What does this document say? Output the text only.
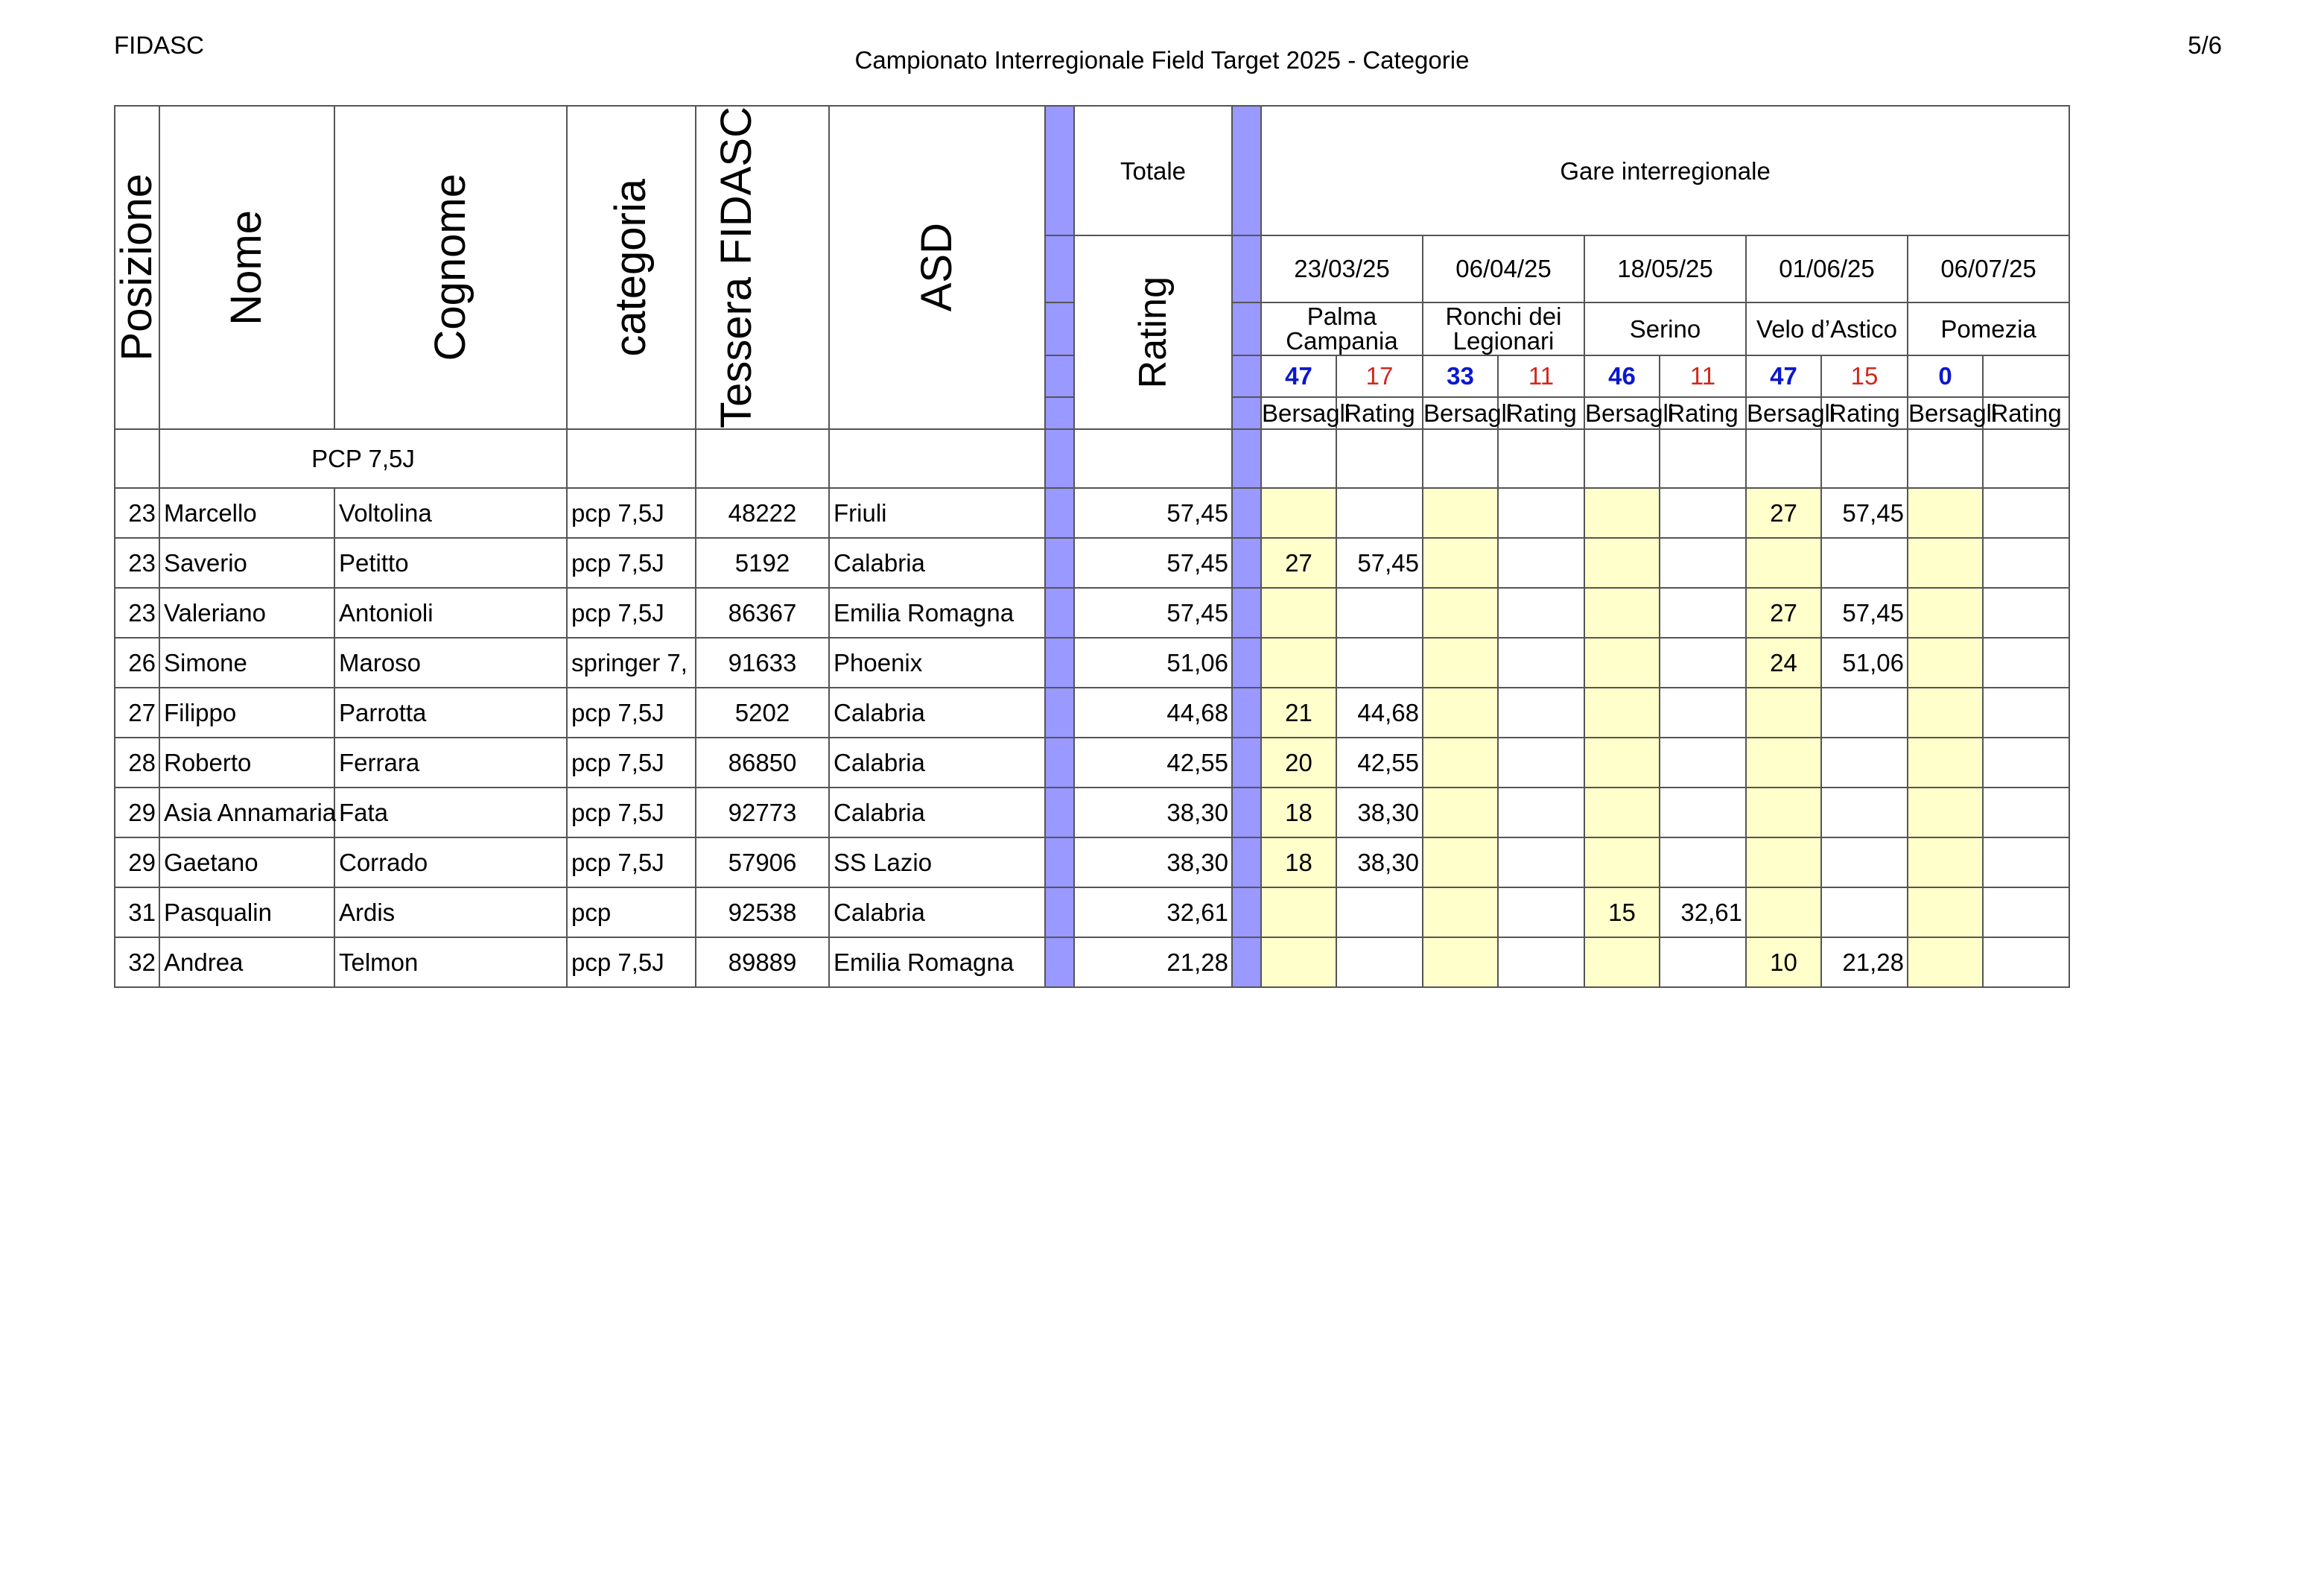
FIDASC
Campionato Interregionale Field Target 2025 - Categorie
5/6
Posizione	Nome	Cognome	categoria	Tessera FIDASC	ASD		Totale		Gare interregionale									

							Rating		23/03/25		06/04/25		18/05/25		01/06/25		06/07/25	
									Palma Campania		Ronchi dei Legionari		Serino		Velo d’Astico		Pomezia	
									47	17	33	11	46	11	47	15	0	
									Bersagli	Rating	Bersagli	Rating	Bersagli	Rating	Bersagli	Rating	Bersagli	Rating
	PCP 7,5J																	
23	Marcello	Voltolina	pcp 7,5J	48222	Friuli		57,45								27	57,45		
23	Saverio	Petitto	pcp 7,5J	5192	Calabria		57,45		27	57,45								
23	Valeriano	Antonioli	pcp 7,5J	86367	Emilia Romagna		57,45								27	57,45		
26	Simone	Maroso	springer 7,	91633	Phoenix		51,06								24	51,06		
27	Filippo	Parrotta	pcp 7,5J	5202	Calabria		44,68		21	44,68								
28	Roberto	Ferrara	pcp 7,5J	86850	Calabria		42,55		20	42,55								
29	Asia Annamaria	Fata	pcp 7,5J	92773	Calabria		38,30		18	38,30								
29	Gaetano	Corrado	pcp 7,5J	57906	SS Lazio		38,30		18	38,30								
31	Pasqualin	Ardis	pcp	92538	Calabria		32,61						15	32,61				
32	Andrea	Telmon	pcp 7,5J	89889	Emilia Romagna		21,28								10	21,28		
